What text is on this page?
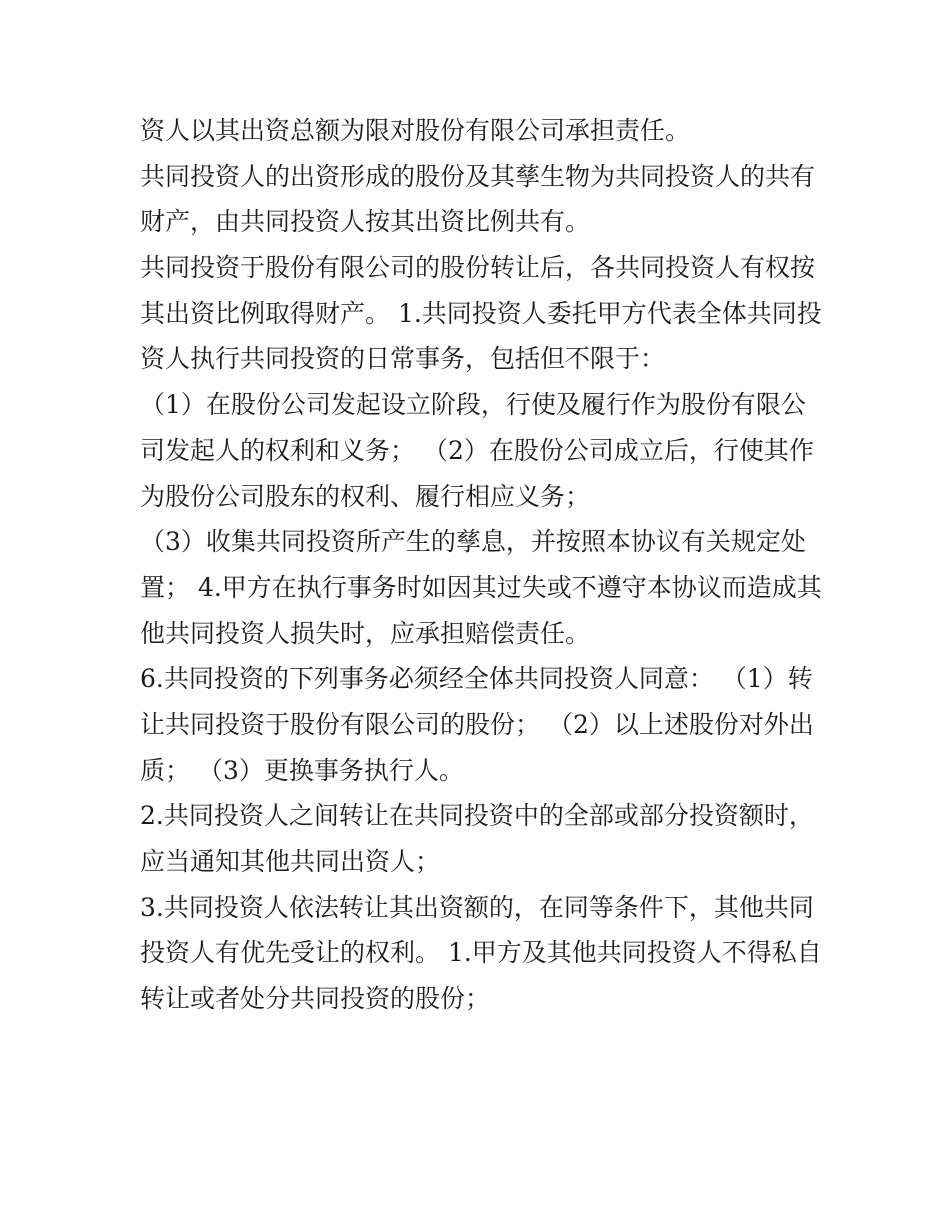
资人以其出资总额为限对股份有限公司承担责任。
共同投资人的出资形成的股份及其孳生物为共同投资人的共有
财产，由共同投资人按其出资比例共有。
共同投资于股份有限公司的股份转让后，各共同投资人有权按
其出资比例取得财产。 1.共同投资人委托甲方代表全体共同投
资人执行共同投资的日常事务，包括但不限于：
（1）在股份公司发起设立阶段，行使及履行作为股份有限公
司发起人的权利和义务； （2）在股份公司成立后，行使其作
为股份公司股东的权利、履行相应义务；
（3）收集共同投资所产生的孳息，并按照本协议有关规定处
置； 4.甲方在执行事务时如因其过失或不遵守本协议而造成其
他共同投资人损失时，应承担赔偿责任。
6.共同投资的下列事务必须经全体共同投资人同意： （1）转
让共同投资于股份有限公司的股份； （2）以上述股份对外出
质； （3）更换事务执行人。
2.共同投资人之间转让在共同投资中的全部或部分投资额时，
应当通知其他共同出资人；
3.共同投资人依法转让其出资额的，在同等条件下，其他共同
投资人有优先受让的权利。 1.甲方及其他共同投资人不得私自
转让或者处分共同投资的股份；
